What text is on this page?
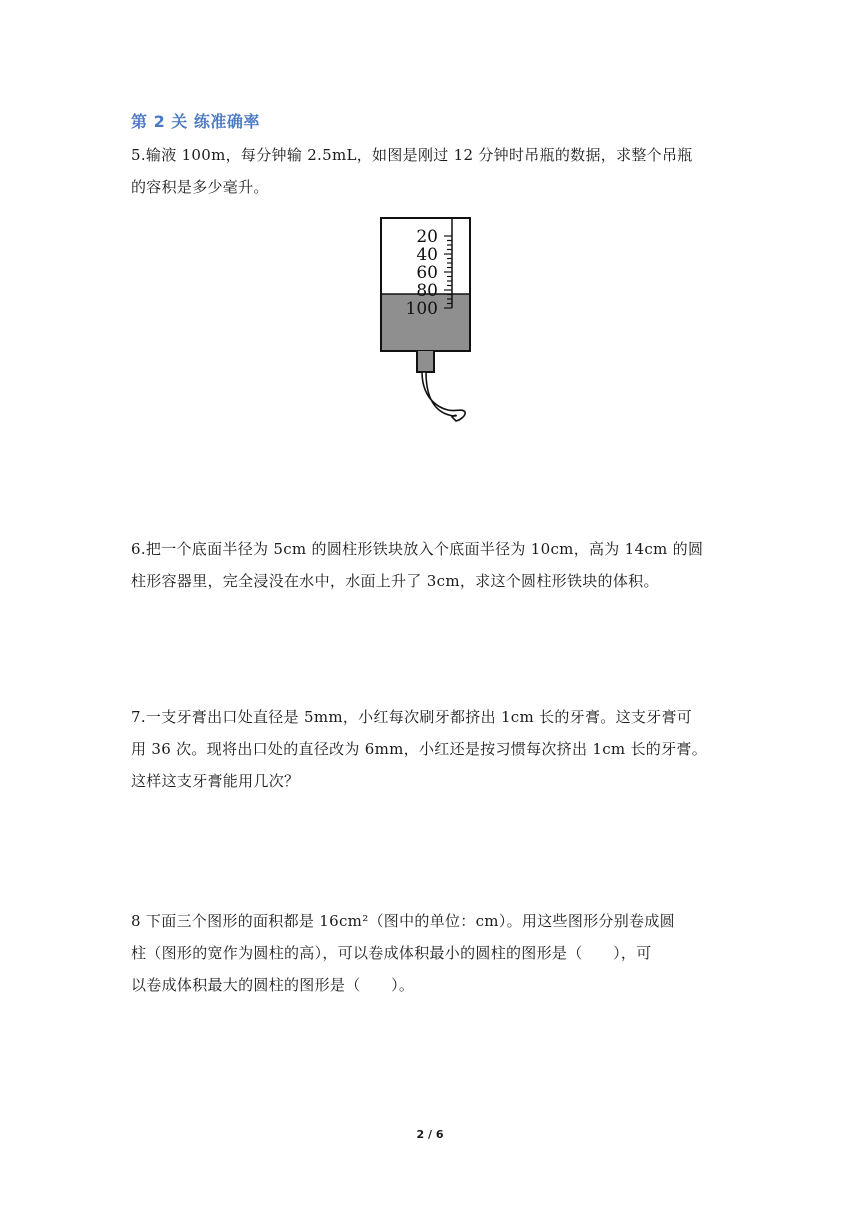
第 2 关 练准确率

5.输液 100m，每分钟输 2.5mL，如图是刚过 12 分钟时吊瓶的数据，求整个吊瓶

的容积是多少毫升。

20
40
60
80
100

6.把一个底面半径为 5cm 的圆柱形铁块放入个底面半径为 10cm，高为 14cm 的圆

柱形容器里，完全浸没在水中，水面上升了 3cm，求这个圆柱形铁块的体积。

7.一支牙膏出口处直径是 5mm，小红每次刷牙都挤出 1cm 长的牙膏。这支牙膏可

用 36 次。现将出口处的直径改为 6mm，小红还是按习惯每次挤出 1cm 长的牙膏。

这样这支牙膏能用几次？

8 下面三个图形的面积都是 16cm²（图中的单位：cm）。用这些图形分别卷成圆

柱（图形的宽作为圆柱的高），可以卷成体积最小的圆柱的图形是（　　），可

以卷成体积最大的圆柱的图形是（　　）。

2 / 6
